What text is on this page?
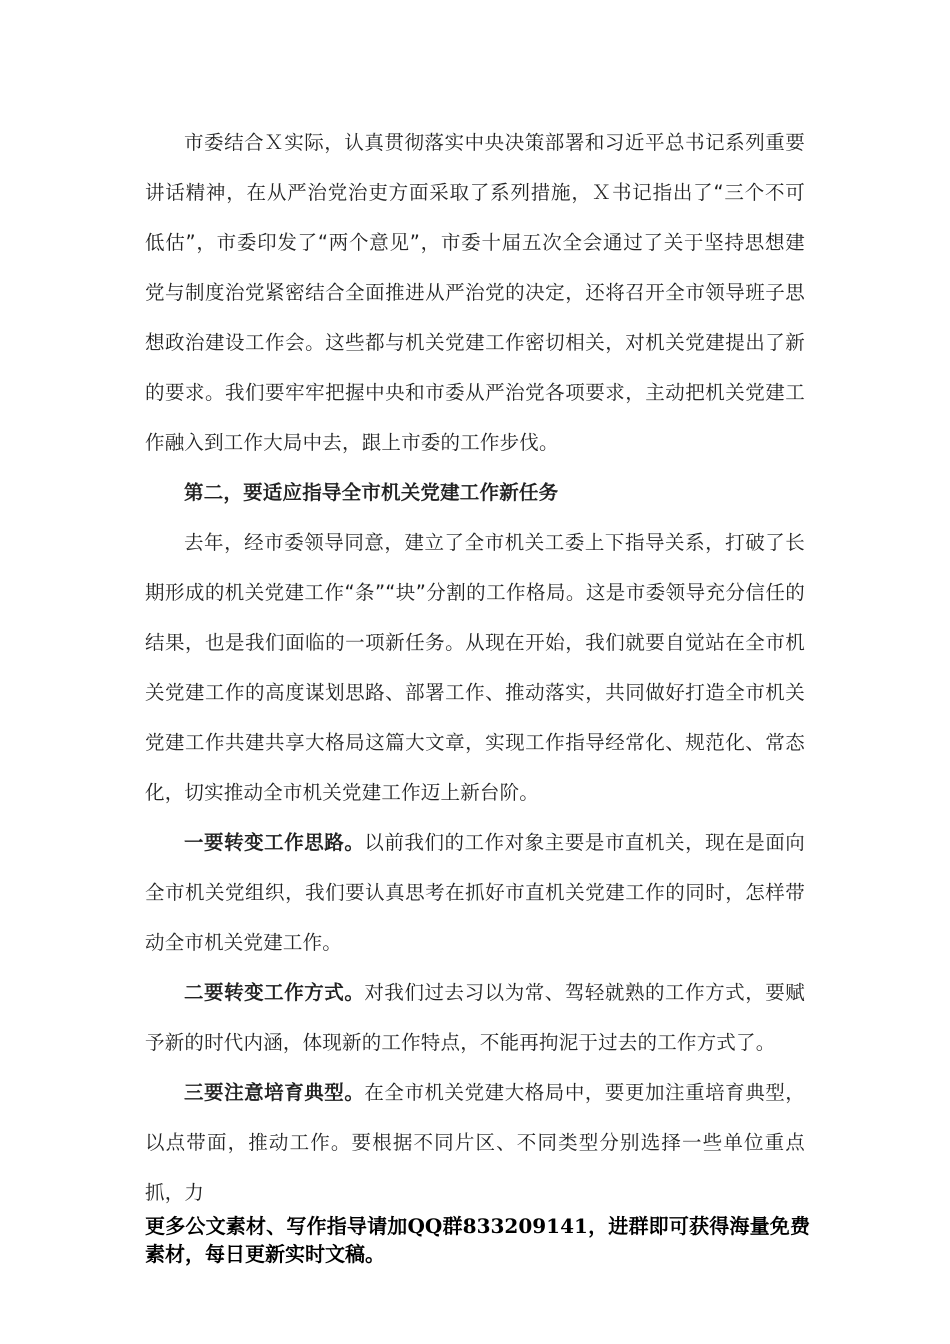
市委结合Ｘ实际，认真贯彻落实中央决策部署和习近平总书记系列重要讲话精神，在从严治党治吏方面采取了系列措施，Ｘ书记指出了“三个不可低估”，市委印发了“两个意见”，市委十届五次全会通过了关于坚持思想建党与制度治党紧密结合全面推进从严治党的决定，还将召开全市领导班子思想政治建设工作会。这些都与机关党建工作密切相关，对机关党建提出了新的要求。我们要牢牢把握中央和市委从严治党各项要求，主动把机关党建工作融入到工作大局中去，跟上市委的工作步伐。

第二，要适应指导全市机关党建工作新任务

去年，经市委领导同意，建立了全市机关工委上下指导关系，打破了长期形成的机关党建工作“条”“块”分割的工作格局。这是市委领导充分信任的结果，也是我们面临的一项新任务。从现在开始，我们就要自觉站在全市机关党建工作的高度谋划思路、部署工作、推动落实，共同做好打造全市机关党建工作共建共享大格局这篇大文章，实现工作指导经常化、规范化、常态化，切实推动全市机关党建工作迈上新台阶。

一要转变工作思路。以前我们的工作对象主要是市直机关，现在是面向全市机关党组织，我们要认真思考在抓好市直机关党建工作的同时，怎样带动全市机关党建工作。

二要转变工作方式。对我们过去习以为常、驾轻就熟的工作方式，要赋予新的时代内涵，体现新的工作特点，不能再拘泥于过去的工作方式了。

三要注意培育典型。在全市机关党建大格局中，要更加注重培育典型，以点带面，推动工作。要根据不同片区、不同类型分别选择一些单位重点抓，力

更多公文素材、写作指导请加QQ群833209141，进群即可获得海量免费素材，每日更新实时文稿。
